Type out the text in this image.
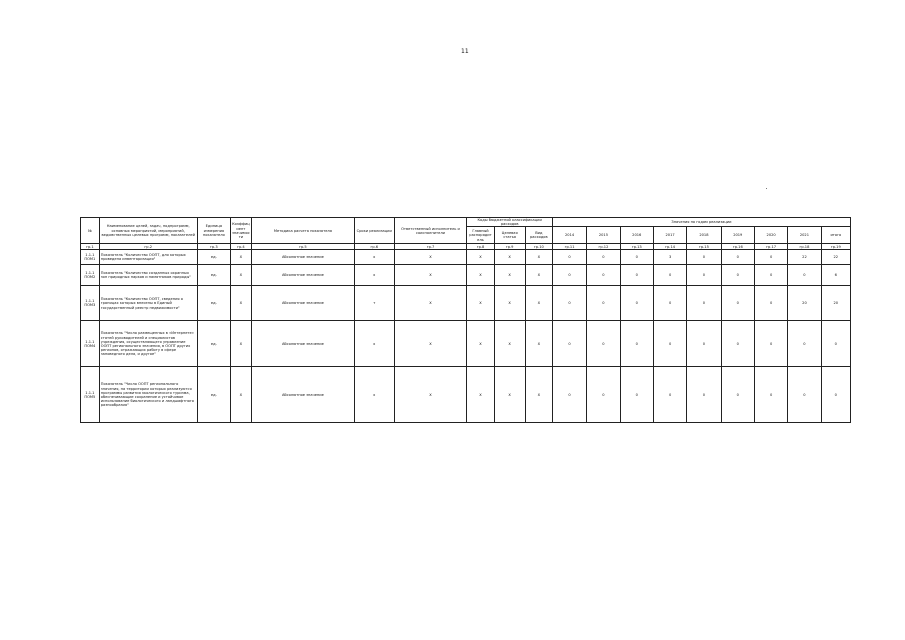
11
№	Наименование целей, задач, подпрограмм, основных мероприятий, мероприятий, ведомственных целевых программ, показателей	Единица измерения показателя	Коэффициент значимости	Методика расчета показателя	Сроки реализации	Ответственный исполнитель и соисполнители	Коды бюджетной классификации расходов			Значения по годам реализации								
							Главный распорядитель	Целевая статья	Вид расходов	2014	2015	2016	2017	2018	2019	2020	2021	итого
гр.1	гр.2	гр.3	гр.4	гр.5	гр.6	гр.7	гр.8	гр.9	гр.10	гр.11	гр.12	гр.13	гр.14	гр.15	гр.16	гр.17	гр.18	гр.19
1.1.1 ПОМ1	Показатель "Количество ООПТ, для которых проведена инвентаризация"	ед.	Х	Абсолютное значение	х	Х	Х	Х	Х	0	0	0	3	0	0	0	22	22
1.1.1 ПОМ2	Показатель "Количество созданных охранных зон природных парков и памятников природы"	ед.	Х	Абсолютное значение	х	Х	Х	Х	Х	0	0	0	0	0	0	0	0	6
1.1.1 ПОМ3	Показатель "Количество ООПТ, сведения о границах которых внесены в Единый государственный реестр недвижимости"	ед.	Х	Абсолютное значение	т	Х	Х	Х	Х	0	0	0	0	0	0	0	20	20
1.1.1 ПОМ4	Показатель "Число размещенных в «Интернете» статей руководителей и специалистов учреждения, осуществляющего управление ООПТ регионального значения, в ООПТ других регионов, отражающих работу в сфере заповедного дела, и другое"	ед.	Х	Абсолютное значение	х	Х	Х	Х	Х	0	0	0	0	0	0	0	0	0
1.1.1 ПОМ5	Показатель "Число ООПТ регионального значения, на территории которых реализуются программы развития экологического туризма, обеспечивающие сохранение и устойчивое использование биологического и ландшафтного разнообразия"	ед.	Х	Абсолютное значение	х	Х	Х	Х	Х	0	0	0	0	0	0	0	0	0
